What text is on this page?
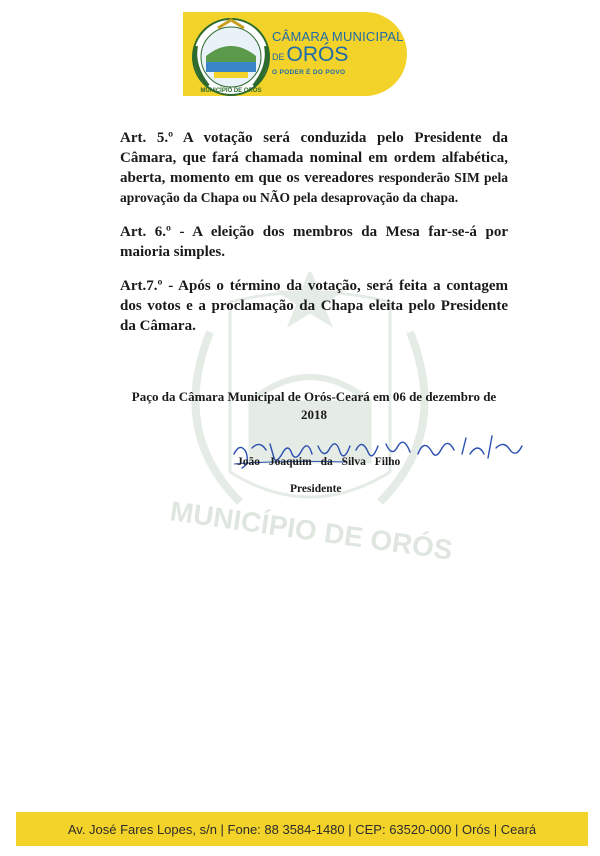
MUNICÍPIO DE ORÓS
CÂMARA MUNICIPAL
$^{DE}$ORÓS
O PODER É DO POVO
MUNICÍPIO DE ORÓS

Art. 5.º A votação será conduzida pelo Presidente da Câmara, que fará chamada nominal em ordem alfabética, aberta, momento em que os vereadores responderão SIM pela aprovação da Chapa ou NÃO pela desaprovação da chapa.

Art. 6.º - A eleição dos membros da Mesa far-se-á por maioria simples.

Art.7.º - Após o término da votação, será feita a contagem dos votos e a proclamação da Chapa eleita pelo Presidente da Câmara.

Paço da Câmara Municipal de Orós-Ceará em 06 de dezembro de 2018
João Joaquim da Silva Filho
Presidente
Av. José Fares Lopes, s/n | Fone: 88 3584-1480 | CEP: 63520-000 | Orós | Ceará
